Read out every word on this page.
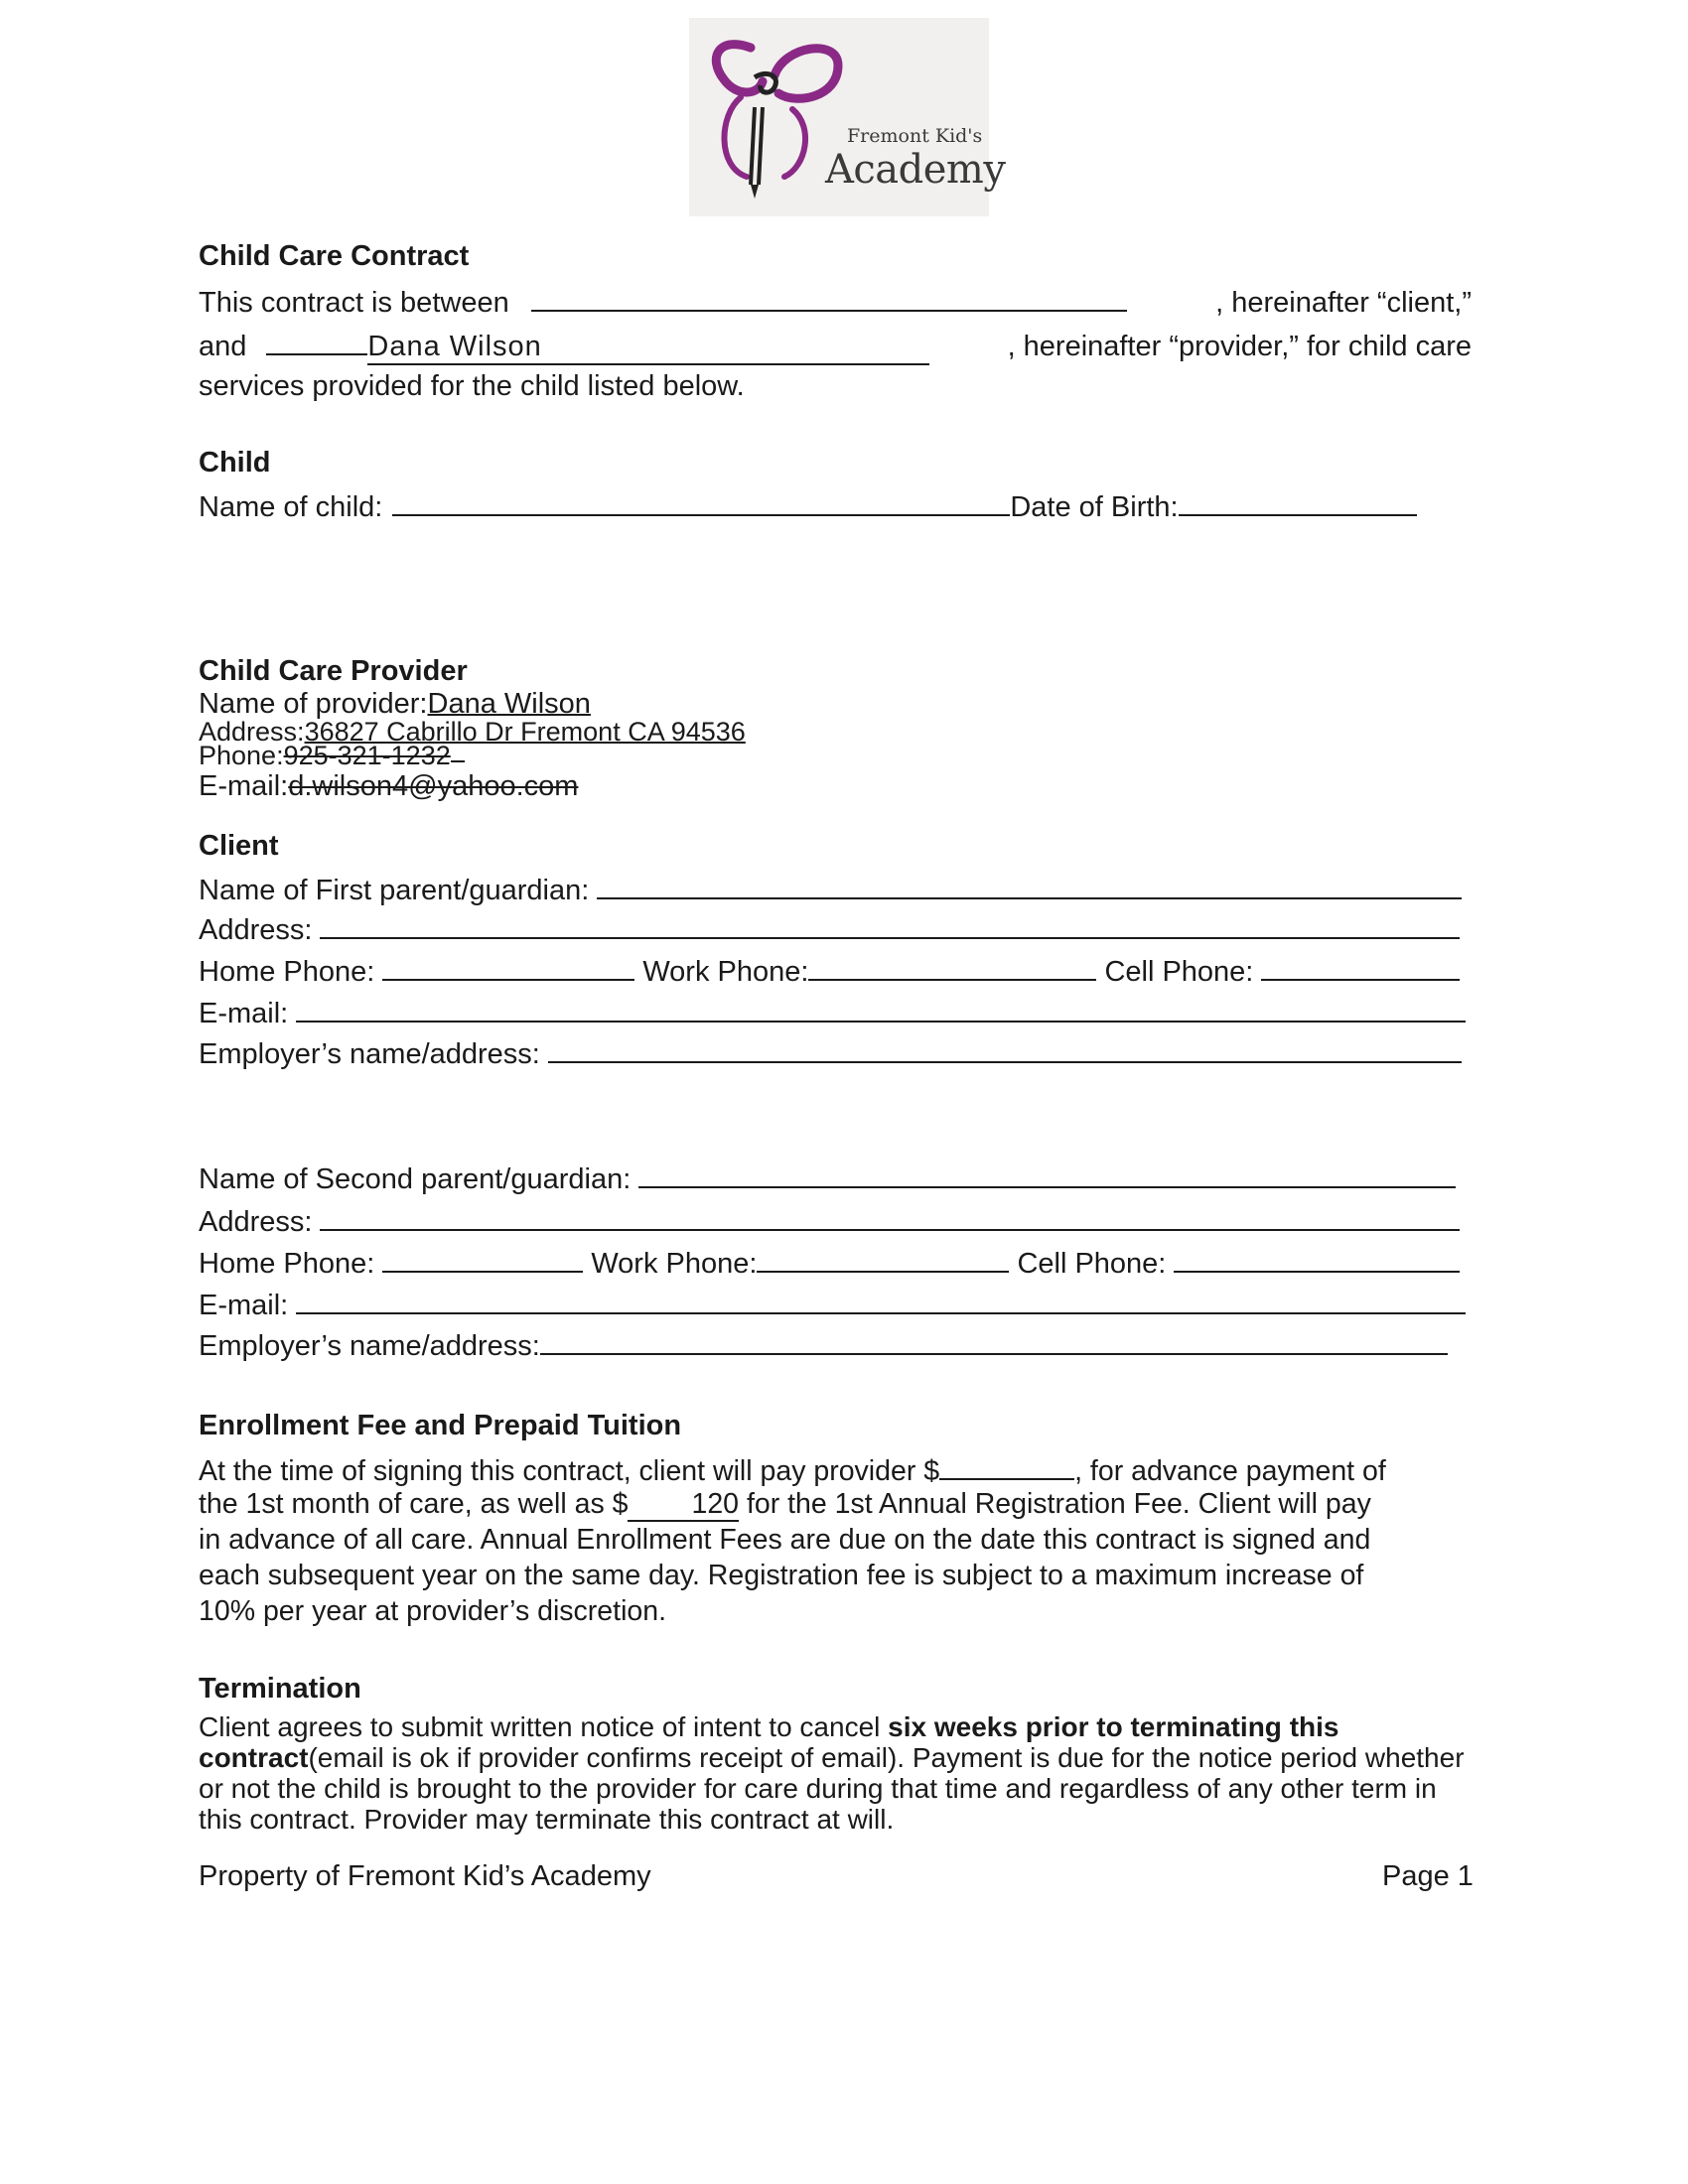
Fremont Kid's
Academy
Child Care Contract
This contract is between	, hereinafter “client,”
and	Dana Wilson	, hereinafter “provider,” for child care
services provided for the child listed below.
Child
Name of child:	Date of Birth:
Child Care Provider
Name of provider:Dana Wilson
Address:36827 Cabrillo Dr Fremont CA 94536
Phone:925-321-1232
E-mail:d.wilson4@yahoo.com
Client
Name of First parent/guardian:
Address:
Home Phone:	Work Phone:	Cell Phone:
E-mail:
Employer’s name/address:
Name of Second parent/guardian:
Address:
Home Phone:	Work Phone:	Cell Phone:
E-mail:
Employer’s name/address:
Enrollment Fee and Prepaid Tuition
At the time of signing this contract, client will pay provider $	, for advance payment of
the 1st month of care, as well as $ 120 for the 1st Annual Registration Fee. Client will pay
in advance of all care. Annual Enrollment Fees are due on the date this contract is signed and
each subsequent year on the same day. Registration fee is subject to a maximum increase of
10% per year at provider’s discretion.
Termination
Client agrees to submit written notice of intent to cancel six weeks prior to terminating this contract(email is ok if provider confirms receipt of email). Payment is due for the notice period whether or not the child is brought to the provider for care during that time and regardless of any other term in this contract. Provider may terminate this contract at will.
Property of Fremont Kid’s Academy	Page 1
